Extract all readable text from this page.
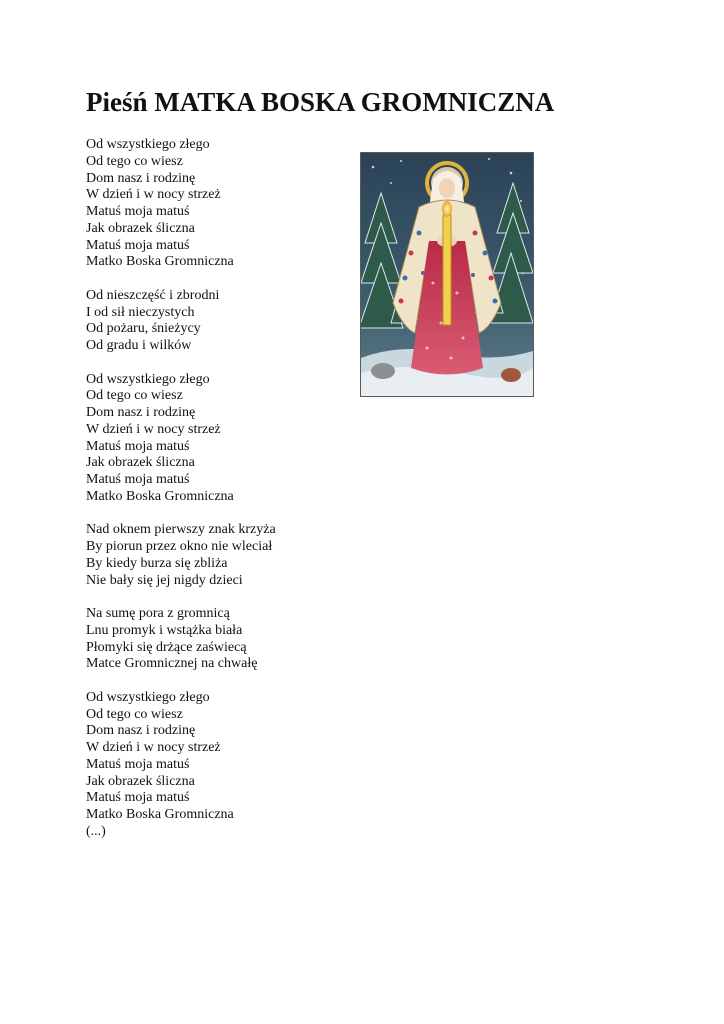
Pieśń MATKA BOSKA GROMNICZNA
Od wszystkiego złego
Od tego co wiesz
Dom nasz i rodzinę
W dzień i w nocy strzeż
Matuś moja matuś
Jak obrazek śliczna
Matuś moja matuś
Matko Boska Gromniczna
Od nieszczęść i zbrodni
I od sił nieczystych
Od pożaru, śnieżycy
Od gradu i wilków
Od wszystkiego złego
Od tego co wiesz
Dom nasz i rodzinę
W dzień i w nocy strzeż
Matuś moja matuś
Jak obrazek śliczna
Matuś moja matuś
Matko Boska Gromniczna
Nad oknem pierwszy znak krzyża
By piorun przez okno nie wleciał
By kiedy burza się zbliża
Nie bały się jej nigdy dzieci
Na sumę pora z gromnicą
Lnu promyk i wstążka biała
Płomyki się drżące zaświecą
Matce Gromnicznej na chwałę
Od wszystkiego złego
Od tego co wiesz
Dom nasz i rodzinę
W dzień i w nocy strzeż
Matuś moja matuś
Jak obrazek śliczna
Matuś moja matuś
Matko Boska Gromniczna
(...)
